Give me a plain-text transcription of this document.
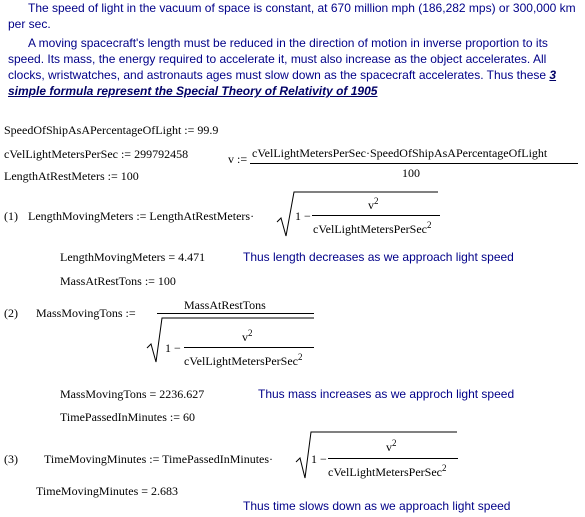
The speed of light in the vacuum of space is constant, at 670 million mph (186,282 mps) or 300,000 km per sec.
A moving spacecraft's length must be reduced in the direction of motion in inverse proportion to its speed. Its mass, the energy required to accelerate it, must also increase as the object accelerates. All clocks, wristwatches, and astronauts ages must slow down as the spacecraft accelerates. Thus these 3 simple formula represent the Special Theory of Relativity of 1905
SpeedOfShipAsAPercentageOfLight := 99.9
cVelLightMetersPerSec := 299792458
LengthAtRestMeters := 100
v := cVelLightMetersPerSec·SpeedOfShipAsAPercentageOfLight
100
(1) LengthMovingMeters := LengthAtRestMeters·	1 −
$v^2$
cVelLightMetersPerSec$^2$
LengthMovingMeters = 4.471	Thus length decreases as we approach light speed
MassAtRestTons := 100
(2) MassMovingTons :=
MassAtRestTons
1 −
$v^2$
cVelLightMetersPerSec$^2$
MassMovingTons = 2236.627	Thus mass increases as we approch light speed
TimePassedInMinutes := 60
(3) TimeMovingMinutes := TimePassedInMinutes·	1 −
$v^2$
cVelLightMetersPerSec$^2$
TimeMovingMinutes = 2.683
Thus time slows down as we approach light speed
